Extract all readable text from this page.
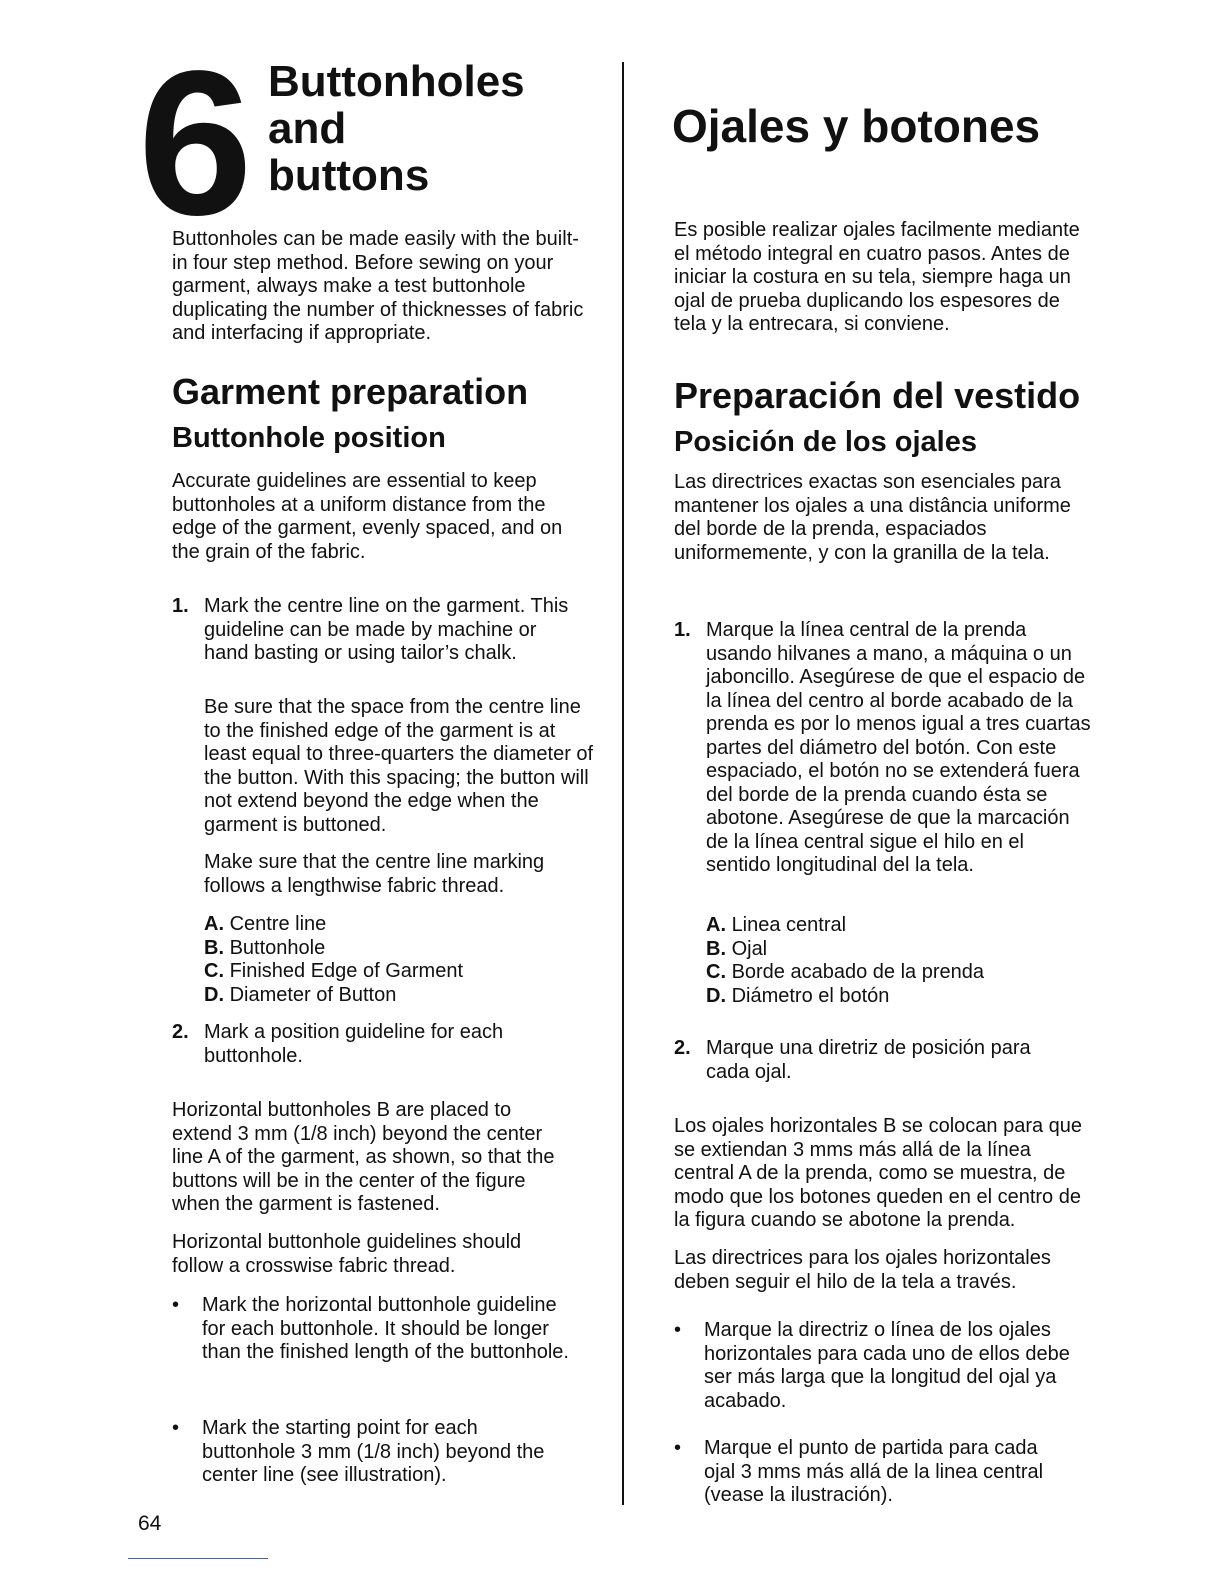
6 Buttonholes
and
buttons
Ojales y botones
Buttonholes can be made easily with the built-in four step method. Before sewing on your garment, always make a test buttonhole duplicating the number of thicknesses of fabric and interfacing if appropriate.
Garment preparation
Buttonhole position
Accurate guidelines are essential to keep buttonholes at a uniform distance from the edge of the garment, evenly spaced, and on the grain of the fabric.
1. Mark the centre line on the garment. This guideline can be made by machine or hand basting or using tailor’s chalk.
Be sure that the space from the centre line to the finished edge of the garment is at least equal to three-quarters the diameter of the button. With this spacing; the button will not extend beyond the edge when the garment is buttoned.
Make sure that the centre line marking follows a lengthwise fabric thread.
A. Centre line
B. Buttonhole
C. Finished Edge of Garment
D. Diameter of Button
2. Mark a position guideline for each buttonhole.
Horizontal buttonholes B are placed to extend 3 mm (1/8 inch) beyond the center line A of the garment, as shown, so that the buttons will be in the center of the figure when the garment is fastened.
Horizontal buttonhole guidelines should follow a crosswise fabric thread.
• Mark the horizontal buttonhole guideline for each buttonhole. It should be longer than the finished length of the buttonhole.
• Mark the starting point for each buttonhole 3 mm (1/8 inch) beyond the center line (see illustration).
Es posible realizar ojales facilmente mediante el método integral en cuatro pasos. Antes de iniciar la costura en su tela, siempre haga un ojal de prueba duplicando los espesores de tela y la entrecara, si conviene.
Preparación del vestido
Posición de los ojales
Las directrices exactas son esenciales para mantener los ojales a una distância uniforme del borde de la prenda, espaciados uniformemente, y con la granilla de la tela.
1. Marque la línea central de la prenda usando hilvanes a mano, a máquina o un jaboncillo. Asegúrese de que el espacio de la línea del centro al borde acabado de la prenda es por lo menos igual a tres cuartas partes del diámetro del botón. Con este espaciado, el botón no se extenderá fuera del borde de la prenda cuando ésta se abotone. Asegúrese de que la marcación de la línea central sigue el hilo en el sentido longitudinal del la tela.
A. Linea central
B. Ojal
C. Borde acabado de la prenda
D. Diámetro el botón
2. Marque una diretriz de posición para cada ojal.
Los ojales horizontales B se colocan para que se extiendan 3 mms más allá de la línea central A de la prenda, como se muestra, de modo que los botones queden en el centro de la figura cuando se abotone la prenda.
Las directrices para los ojales horizontales deben seguir el hilo de la tela a través.
• Marque la directriz o línea de los ojales horizontales para cada uno de ellos debe ser más larga que la longitud del ojal ya acabado.
• Marque el punto de partida para cada ojal 3 mms más allá de la linea central (vease la ilustración).
64
